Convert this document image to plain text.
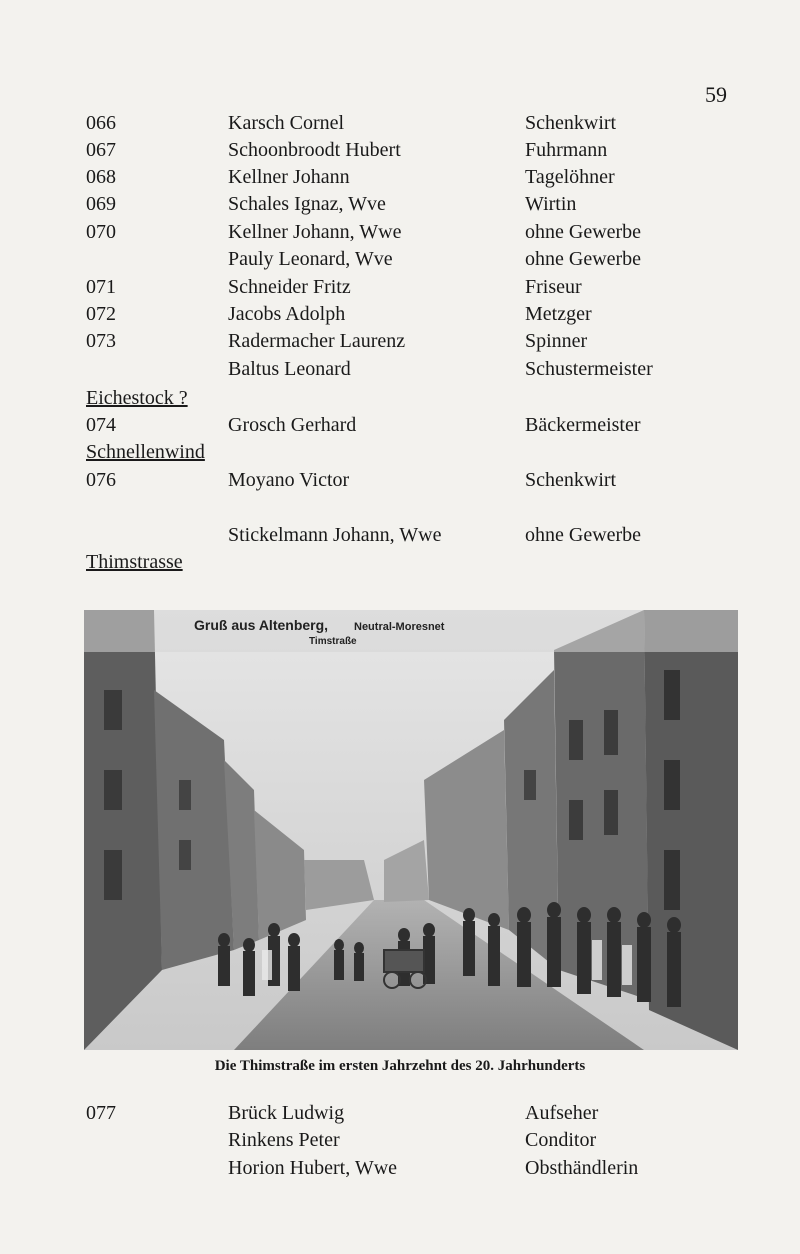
59
066	Karsch Cornel	Schenkwirt
067	Schoonbroodt Hubert	Fuhrmann
068	Kellner Johann	Tagelöhner
069	Schales Ignaz, Wve	Wirtin
070	Kellner Johann, Wwe	ohne Gewerbe
Pauly Leonard, Wve	ohne Gewerbe
071	Schneider Fritz	Friseur
072	Jacobs Adolph	Metzger
073	Radermacher Laurenz	Spinner
Baltus Leonard	Schustermeister
Eichestock ?
074	Grosch Gerhard	Bäckermeister
Schnellenwind
076	Moyano Victor	Schenkwirt
Stickelmann Johann, Wwe	ohne Gewerbe
Thimstrasse
Gruß aus Altenberg, Neutral-Moresnet
Timstraße
Die Thimstraße im ersten Jahrzehnt des 20. Jahrhunderts
077	Brück Ludwig	Aufseher
Rinkens Peter	Conditor
Horion Hubert, Wwe	Obsthändlerin
